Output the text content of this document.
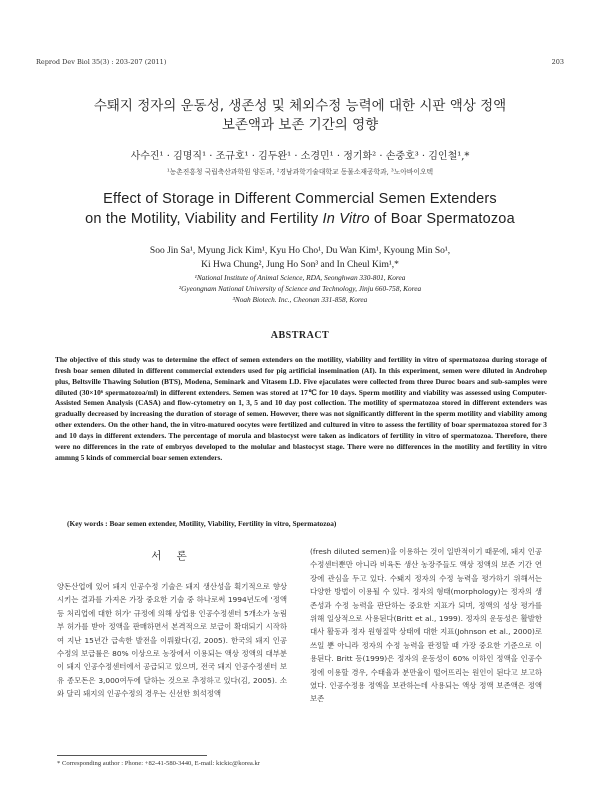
Reprod Dev Biol 35(3) : 203-207 (2011)	203
수퇘지 정자의 운동성, 생존성 및 체외수정 능력에 대한 시판 액상 정액
보존액과 보존 기간의 영향
사수진¹ · 김명직¹ · 조규호¹ · 김두완¹ · 소경민¹ · 정기화² · 손중호³ · 김인철¹,*
¹농촌진흥청 국립축산과학원 양돈과, ²경남과학기술대학교 동물소재공학과, ³노아바이오텍
Effect of Storage in Different Commercial Semen Extenders
on the Motility, Viability and Fertility In Vitro of Boar Spermatozoa
Soo Jin Sa¹, Myung Jick Kim¹, Kyu Ho Cho¹, Du Wan Kim¹, Kyoung Min So¹,
Ki Hwa Chung², Jung Ho Son³ and In Cheul Kim¹,*
¹National Institute of Animal Science, RDA, Seonghwan 330-801, Korea
²Gyeongnam National University of Science and Technology, Jinju 660-758, Korea
³Noah Biotech. Inc., Cheonan 331-858, Korea
ABSTRACT
The objective of this study was to determine the effect of semen extenders on the motility, viability and fertility in vitro of spermatozoa during storage of fresh boar semen diluted in different commercial extenders used for pig artificial insemination (AI). In this experiment, semen were diluted in Androhep plus, Beltsville Thawing Solution (BTS), Modena, Seminark and Vitasem LD. Five ejaculates were collected from three Duroc boars and sub-samples were diluted (30×10⁶ spermatozoa/ml) in different extenders. Semen was stored at 17℃ for 10 days. Sperm motility and viability was assessed using Computer-Assisted Semen Analysis (CASA) and flow-cytometry on 1, 3, 5 and 10 day post collection. The motility of spermatozoa stored in different extenders was gradually decreased by increasing the duration of storage of semen. However, there was not significantly different in the sperm motility and viability among other extenders. On the other hand, the in vitro-matured oocytes were fertilized and cultured in vitro to assess the fertility of boar spermatozoa stored for 3 and 10 days in different extenders. The percentage of morula and blastocyst were taken as indicators of fertility in vitro of spermatozoa. Therefore, there were no differences in the rate of embryos developed to the molular and blastocyst stage. There were no differences in the motility and fertility in vitro ammng 5 kinds of commercial boar semen extenders.
(Key words : Boar semen extender, Motility, Viability, Fertility in vitro, Spermatozoa)
서 론
양돈산업에 있어 돼지 인공수정 기술은 돼지 생산성을 획기적으로 향상시키는 결과를 가져온 가장 중요한 기술 중 하나로써 1994년도에 '정액 등 처리업에 대한 허가' 규정에 의해 상업용 인공수정센터 5개소가 농림부 허가를 받아 정액을 판매하면서 본격적으로 보급이 확대되기 시작하여 지난 15년간 급속한 발전을 이뤄왔다(김, 2005). 한국의 돼지 인공수정의 보급률은 80% 이상으로 농장에서 이용되는 액상 정액의 대부분이 돼지 인공수정센터에서 공급되고 있으며, 전국 돼지 인공수정센터 보유 종모돈은 3,000여두에 달하는 것으로 추정하고 있다(김, 2005). 소와 달리 돼지의 인공수정의 경우는 신선한 희석정액
(fresh diluted semen)을 이용하는 것이 일반적이기 때문에, 돼지 인공수정센터뿐만 아니라 비육돈 생산 농장주들도 액상 정액의 보존 기간 연장에 관심을 두고 있다. 수퇘지 정자의 수정 능력을 평가하기 위해서는 다양한 방법이 이용될 수 있다. 정자의 형태(morphology)는 정자의 생존성과 수정 능력을 판단하는 중요한 지표가 되며, 정액의 성상 평가를 위해 일상적으로 사용된다(Britt et al., 1999). 정자의 운동성은 활발한 대사 활동과 정자 원형질막 상태에 대한 지표(Johnson et al., 2000)로 쓰일 뿐 아니라 정자의 수정 능력을 판정할 때 가장 중요한 기준으로 이용된다. Britt 등(1999)은 정자의 운동성이 60% 이하인 정액을 인공수정에 이용할 경우, 수태율과 분만율이 떨어뜨리는 원인이 된다고 보고하였다. 인공수정용 정액을 보관하는데 사용되는 액상 정액 보존액은 정액 보존
* Corresponding author : Phone: +82-41-580-3440, E-mail: kickic@korea.kr
